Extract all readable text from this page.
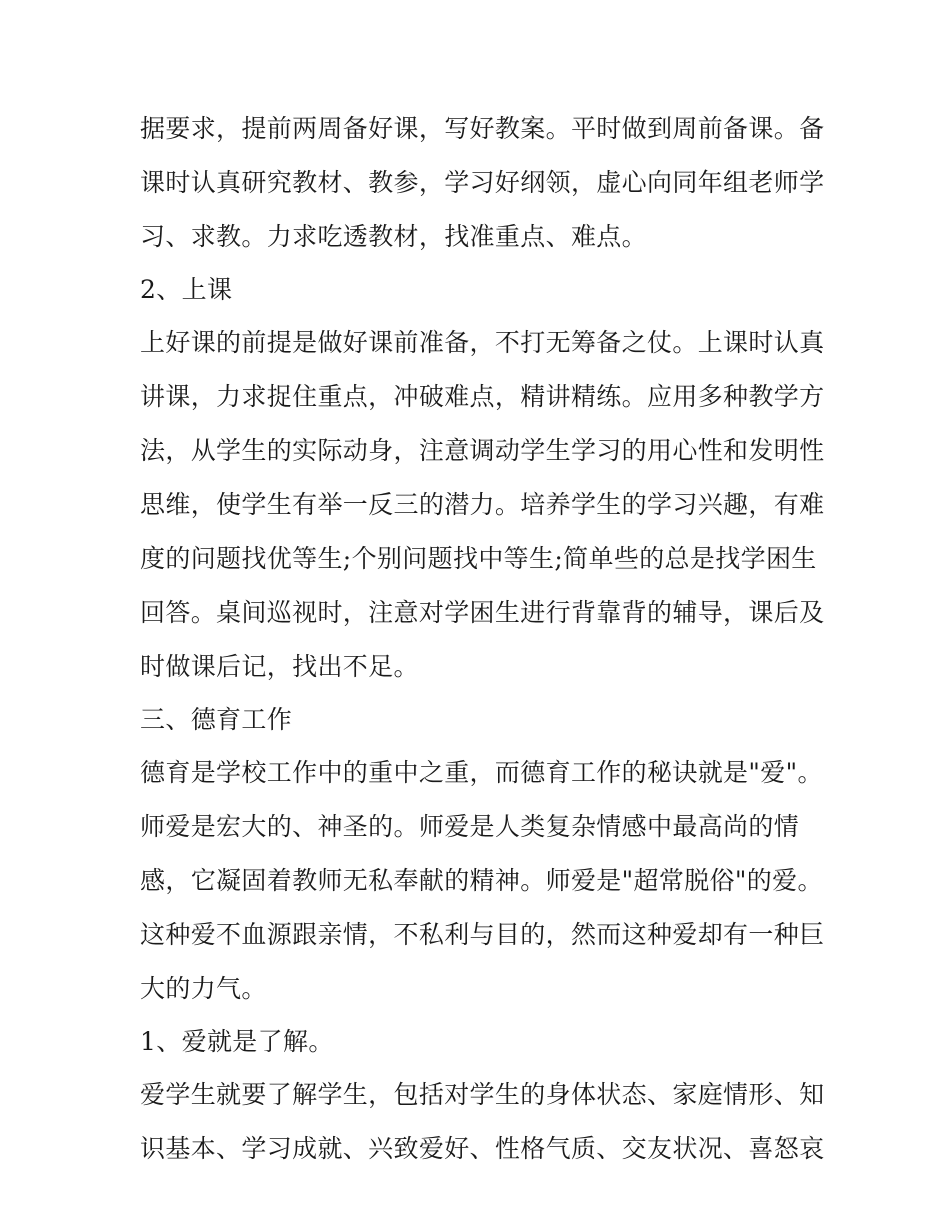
据要求，提前两周备好课，写好教案。平时做到周前备课。备
课时认真研究教材、教参，学习好纲领，虚心向同年组老师学
习、求教。力求吃透教材，找准重点、难点。
2、上课
上好课的前提是做好课前准备，不打无筹备之仗。上课时认真
讲课，力求捉住重点，冲破难点，精讲精练。应用多种教学方
法，从学生的实际动身，注意调动学生学习的用心性和发明性
思维，使学生有举一反三的潜力。培养学生的学习兴趣，有难
度的问题找优等生;个别问题找中等生;简单些的总是找学困生
回答。桌间巡视时，注意对学困生进行背靠背的辅导，课后及
时做课后记，找出不足。
三、德育工作
德育是学校工作中的重中之重，而德育工作的秘诀就是"爱"。
师爱是宏大的、神圣的。师爱是人类复杂情感中最高尚的情
感，它凝固着教师无私奉献的精神。师爱是"超常脱俗"的爱。
这种爱不血源跟亲情，不私利与目的，然而这种爱却有一种巨
大的力气。
1、爱就是了解。
爱学生就要了解学生，包括对学生的身体状态、家庭情形、知
识基本、学习成就、兴致爱好、性格气质、交友状况、喜怒哀
